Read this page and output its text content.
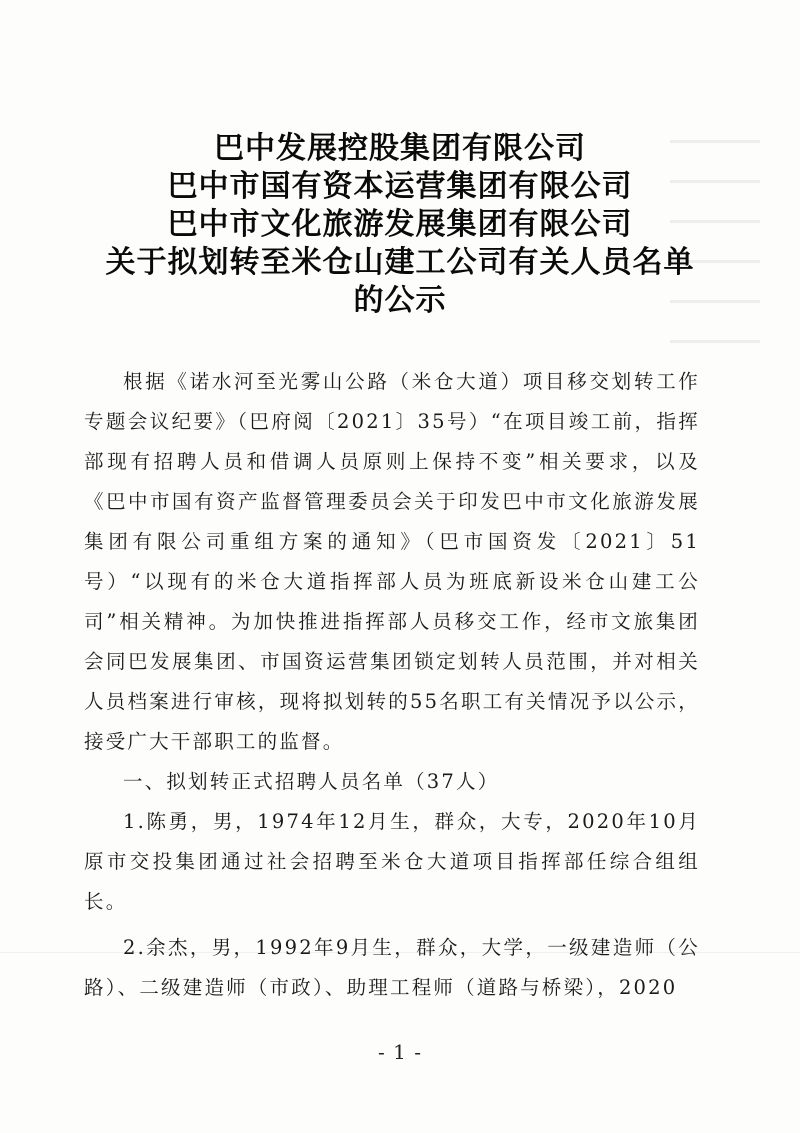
巴中发展控股集团有限公司
巴中市国有资本运营集团有限公司
巴中市文化旅游发展集团有限公司
关于拟划转至米仓山建工公司有关人员名单
的公示

根据《诺水河至光雾山公路（米仓大道）项目移交划转工作专题会议纪要》（巴府阅〔2021〕35号）“在项目竣工前，指挥部现有招聘人员和借调人员原则上保持不变”相关要求，以及《巴中市国有资产监督管理委员会关于印发巴中市文化旅游发展集团有限公司重组方案的通知》（巴市国资发〔2021〕51号）“以现有的米仓大道指挥部人员为班底新设米仓山建工公司”相关精神。为加快推进指挥部人员移交工作，经市文旅集团会同巴发展集团、市国资运营集团锁定划转人员范围，并对相关人员档案进行审核，现将拟划转的55名职工有关情况予以公示，接受广大干部职工的监督。

一、拟划转正式招聘人员名单（37人）

1.陈勇，男，1974年12月生，群众，大专，2020年10月原市交投集团通过社会招聘至米仓大道项目指挥部任综合组组长。

2.余杰，男，1992年9月生，群众，大学，一级建造师（公路）、二级建造师（市政）、助理工程师（道路与桥梁），2020

- 1 -
